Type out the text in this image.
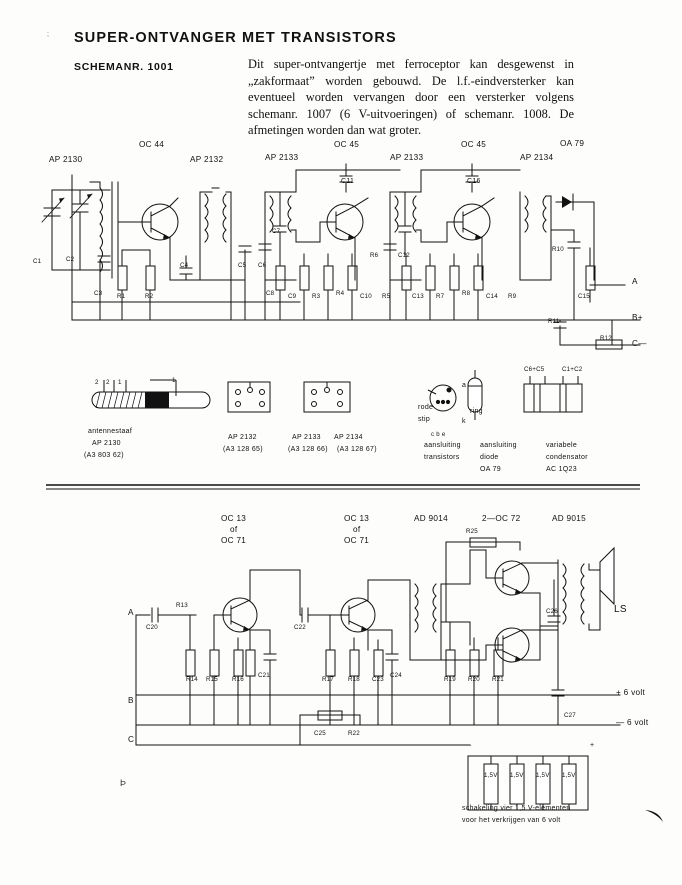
SUPER-ONTVANGER MET TRANSISTORS
SCHEMANR. 1001	Dit super-ontvangertje met ferroceptor kan desgewenst in „zakformaat” worden gebouwd. De l.f.-eindversterker kan eventueel worden vervangen door een versterker volgens schemanr. 1007 (6 V-uitvoeringen) of schemanr. 1008. De afmetingen worden dan wat groter.
;
Þ
AP 2130
OC 44
AP 2132	AP 2133
OC 45
AP 2133
OC 45
AP 2134
OA 79
C11	C16
A
B+
C—
C1	C2
C3 R1	R2
C4	C5 C6
C7
C8 C9	R3	R4	C10 R5
R6	C12
C13 R7	R8	C14 R9
R10
C15
R11
R12
2 2 1	1
antennestaaf
AP 2130
(A3 803 62)
AP 2132
(A3 128 65)
AP 2133 AP 2134
(A3 128 66) (A3 128 67)
rode
stip
c b e
aansluiting
transistors
a
k
ring
aansluiting
diode
OA 79
C6+C5	C1+C2
variabele
condensator
AC 1Q23
OC 13
of
OC 71
OC 13
of
OC 71
AD 9014	2—OC 72	AD 9015
LS
A
B
C
+ 6 volt
— 6 volt
C20
R13
R14 R15 R16
C21
C22
R17 R18 C23
C24
R19 R20 R21
C25	R22
C26
C27
R25
—	+
1,5V 1,5V 1,5V 1,5V
schakeling vier 1,5 V-elementen
voor het verkrijgen van 6 volt
